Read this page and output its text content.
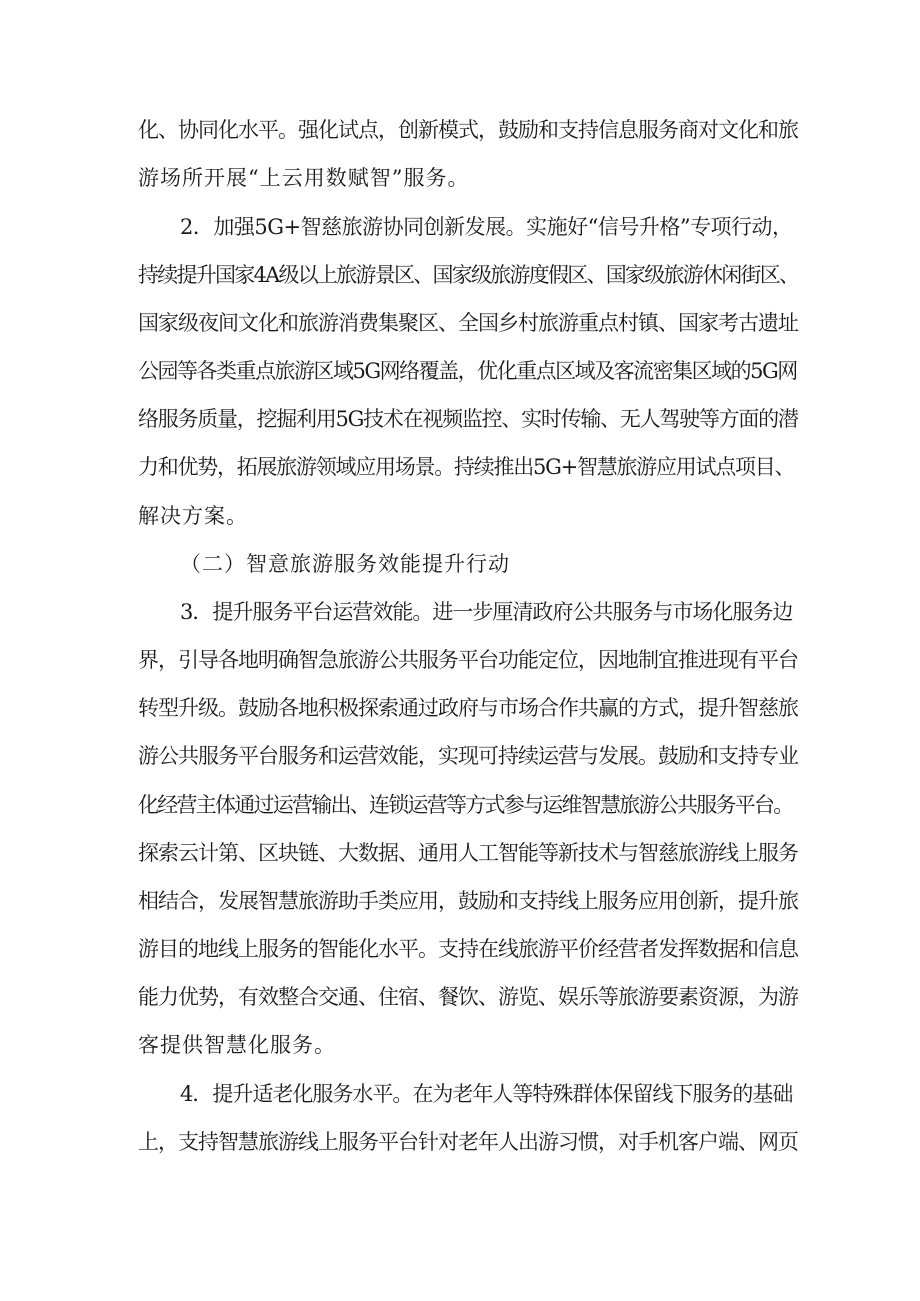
化、协同化水平。强化试点，创新模式，鼓励和支持信息服务商对文化和旅
游场所开展“上云用数赋智”服务。
2．加强5G+智慈旅游协同创新发展。实施好“信号升格”专项行动，
持续提升国家4A级以上旅游景区、国家级旅游度假区、国家级旅游休闲街区、
国家级夜间文化和旅游消费集聚区、全国乡村旅游重点村镇、国家考古遗址
公园等各类重点旅游区域5G网络覆盖，优化重点区域及客流密集区域的5G网
络服务质量，挖掘利用5G技术在视频监控、实时传输、无人驾驶等方面的潜
力和优势，拓展旅游领域应用场景。持续推出5G+智慧旅游应用试点项目、
解决方案。
（二）智意旅游服务效能提升行动
3．提升服务平台运营效能。进一步厘清政府公共服务与市场化服务边
界，引导各地明确智急旅游公共服务平台功能定位，因地制宜推进现有平台
转型升级。鼓励各地积极探索通过政府与市场合作共赢的方式，提升智慈旅
游公共服务平台服务和运营效能，实现可持续运营与发展。鼓励和支持专业
化经营主体通过运营输出、连锁运营等方式参与运维智慧旅游公共服务平台。
探索云计第、区块链、大数据、通用人工智能等新技术与智慈旅游线上服务
相结合，发展智慧旅游助手类应用，鼓励和支持线上服务应用创新，提升旅
游目的地线上服务的智能化水平。支持在线旅游平价经营者发挥数据和信息
能力优势，有效整合交通、住宿、餐饮、游览、娱乐等旅游要素资源，为游
客提供智慧化服务。
4．提升适老化服务水平。在为老年人等特殊群体保留线下服务的基础
上，支持智慧旅游线上服务平台针对老年人出游习惯，对手机客户端、网页
